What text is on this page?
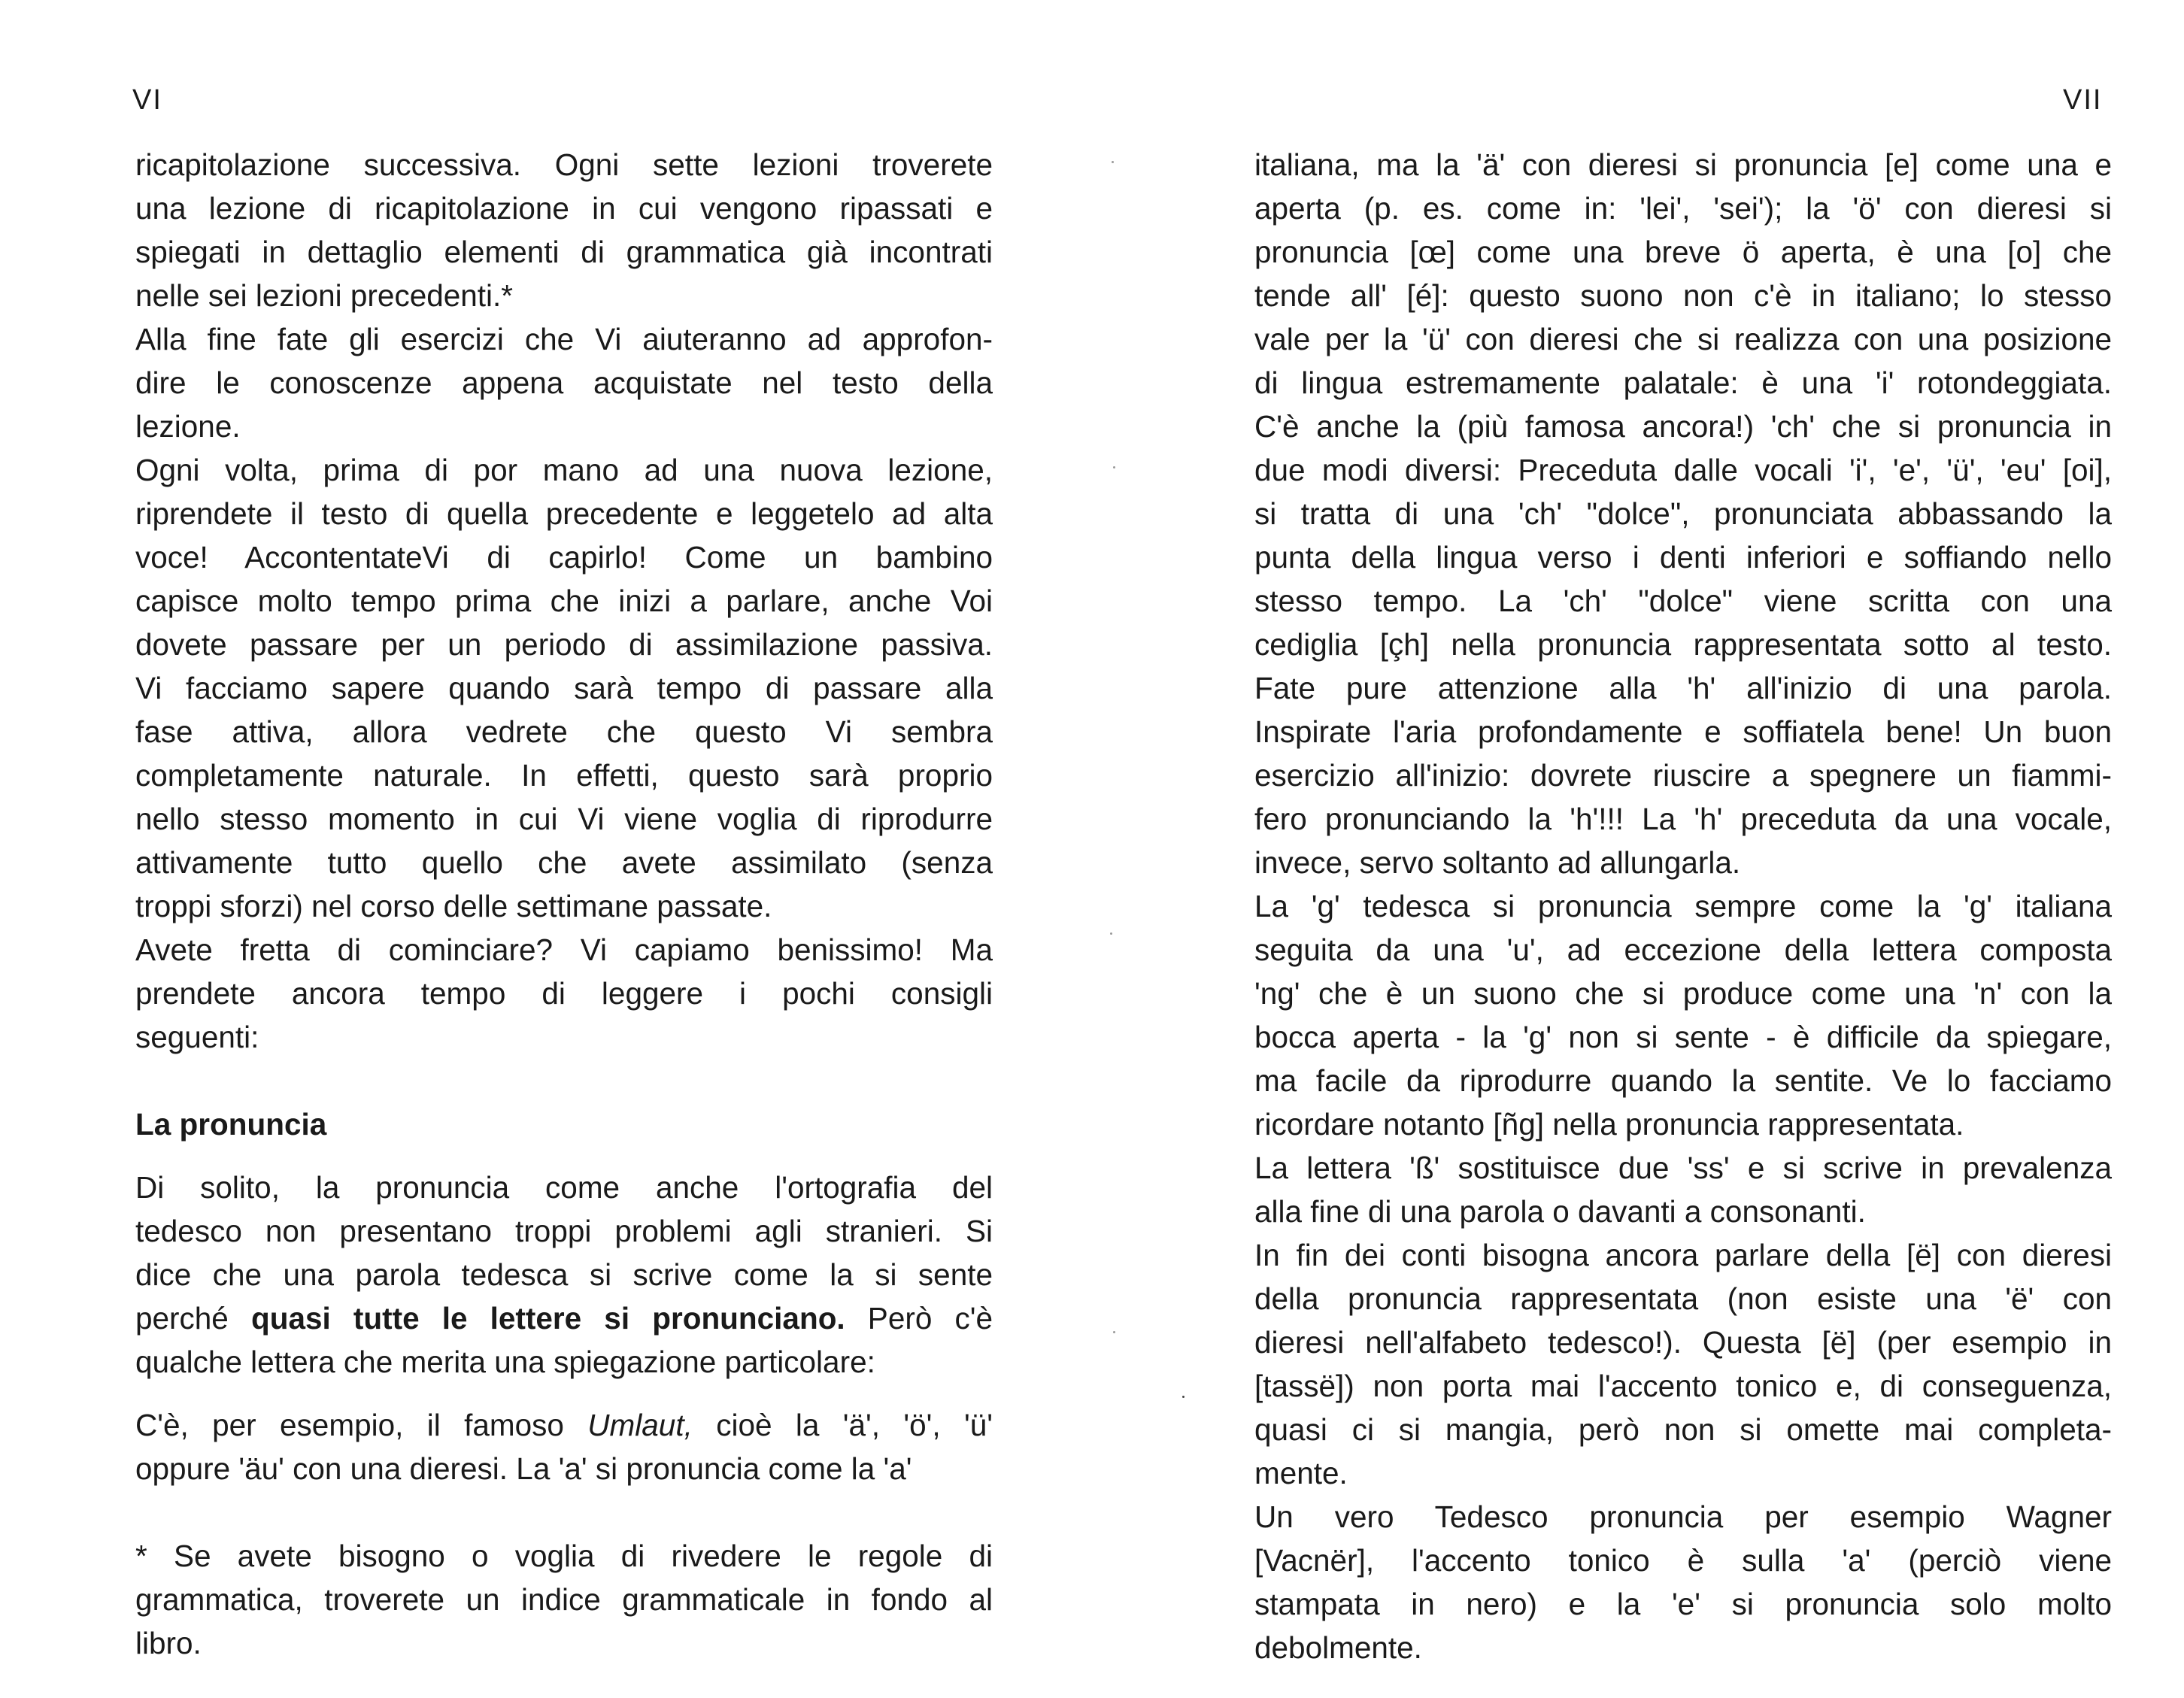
VI	VII
ricapitolazione successiva. Ogni sette lezioni troverete
una lezione di ricapitolazione in cui vengono ripassati e
spiegati in dettaglio elementi di grammatica già incontrati
nelle sei lezioni precedenti.*
Alla fine fate gli esercizi che Vi aiuteranno ad approfon-
dire le conoscenze appena acquistate nel testo della
lezione.
Ogni volta, prima di por mano ad una nuova lezione,
riprendete il testo di quella precedente e leggetelo ad alta
voce! AccontentateVi di capirlo! Come un bambino
capisce molto tempo prima che inizi a parlare, anche Voi
dovete passare per un periodo di assimilazione passiva.
Vi facciamo sapere quando sarà tempo di passare alla
fase attiva, allora vedrete che questo Vi sembra
completamente naturale. In effetti, questo sarà proprio
nello stesso momento in cui Vi viene voglia di riprodurre
attivamente tutto quello che avete assimilato (senza
troppi sforzi) nel corso delle settimane passate.
Avete fretta di cominciare? Vi capiamo benissimo! Ma
prendete ancora tempo di leggere i pochi consigli
seguenti:
La pronuncia
Di solito, la pronuncia come anche l'ortografia del
tedesco non presentano troppi problemi agli stranieri. Si
dice che una parola tedesca si scrive come la si sente
perché quasi tutte le lettere si pronunciano. Però c'è
qualche lettera che merita una spiegazione particolare:
C'è, per esempio, il famoso Umlaut, cioè la 'ä', 'ö', 'ü'
oppure 'äu' con una dieresi. La 'a' si pronuncia come la 'a'
* Se avete bisogno o voglia di rivedere le regole di
grammatica, troverete un indice grammaticale in fondo al
libro.
italiana, ma la 'ä' con dieresi si pronuncia [e] come una e
aperta (p. es. come in: 'lei', 'sei'); la 'ö' con dieresi si
pronuncia [œ] come una breve ö aperta, è una [o] che
tende all' [é]: questo suono non c'è in italiano; lo stesso
vale per la 'ü' con dieresi che si realizza con una posizione
di lingua estremamente palatale: è una 'i' rotondeggiata.
C'è anche la (più famosa ancora!) 'ch' che si pronuncia in
due modi diversi: Preceduta dalle vocali 'i', 'e', 'ü', 'eu' [oi],
si tratta di una 'ch' "dolce", pronunciata abbassando la
punta della lingua verso i denti inferiori e soffiando nello
stesso tempo. La 'ch' "dolce" viene scritta con una
cediglia [çh] nella pronuncia rappresentata sotto al testo.
Fate pure attenzione alla 'h' all'inizio di una parola.
Inspirate l'aria profondamente e soffiatela bene! Un buon
esercizio all'inizio: dovrete riuscire a spegnere un fiammi-
fero pronunciando la 'h'!!! La 'h' preceduta da una vocale,
invece, servo soltanto ad allungarla.
La 'g' tedesca si pronuncia sempre come la 'g' italiana
seguita da una 'u', ad eccezione della lettera composta
'ng' che è un suono che si produce come una 'n' con la
bocca aperta - la 'g' non si sente - è difficile da spiegare,
ma facile da riprodurre quando la sentite. Ve lo facciamo
ricordare notanto [ñg] nella pronuncia rappresentata.
La lettera 'ß' sostituisce due 'ss' e si scrive in prevalenza
alla fine di una parola o davanti a consonanti.
In fin dei conti bisogna ancora parlare della [ë] con dieresi
della pronuncia rappresentata (non esiste una 'ë' con
dieresi nell'alfabeto tedesco!). Questa [ë] (per esempio in
[tassë]) non porta mai l'accento tonico e, di conseguenza,
quasi ci si mangia, però non si omette mai completa-
mente.
Un vero Tedesco pronuncia per esempio Wagner
[Vacnër], l'accento tonico è sulla 'a' (perciò viene
stampata in nero) e la 'e' si pronuncia solo molto
debolmente.
